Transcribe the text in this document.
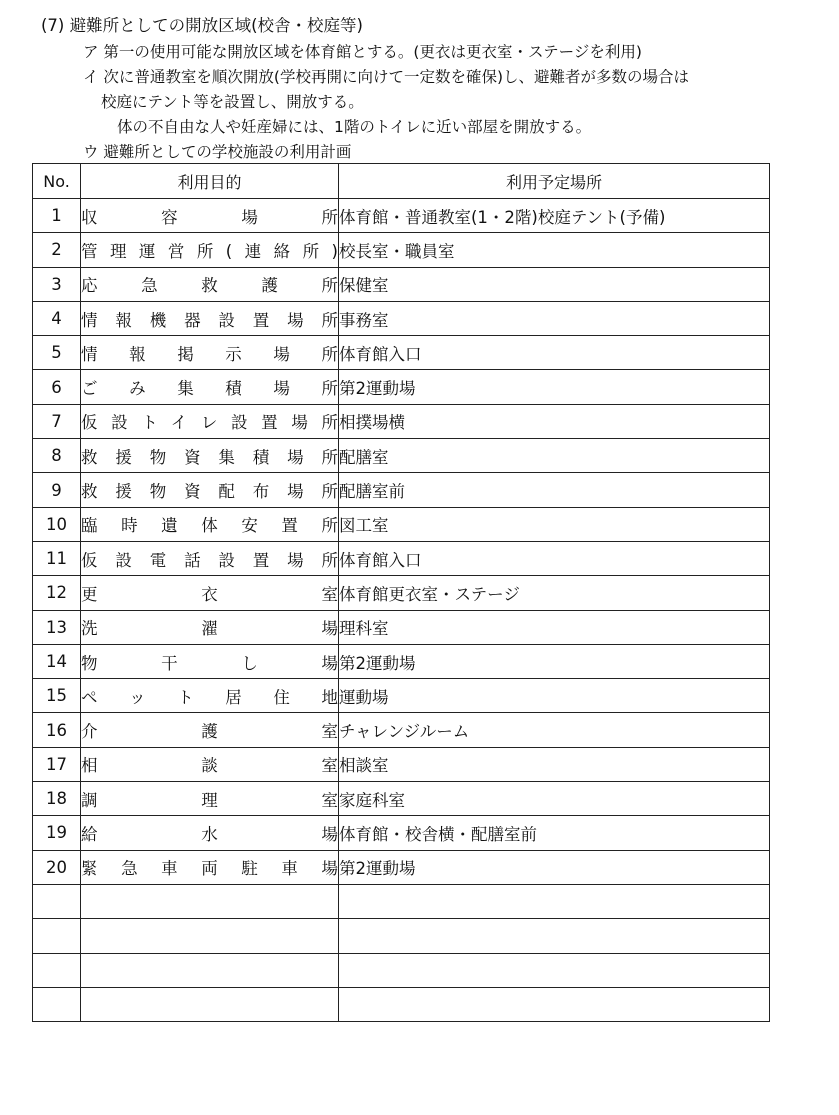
(7) 避難所としての開放区域(校舎・校庭等)
ア 第一の使用可能な開放区域を体育館とする。(更衣は更衣室・ステージを利用)
イ 次に普通教室を順次開放(学校再開に向けて一定数を確保)し、避難者が多数の場合は
校庭にテント等を設置し、開放する。
体の不自由な人や妊産婦には、1階のトイレに近い部屋を開放する。
ウ 避難所としての学校施設の利用計画
No.	利用目的	利用予定場所
1	収容場所	体育館・普通教室(1・2階)校庭テント(予備)
2	管理運営所(連絡所)	校長室・職員室
3	応急救護所	保健室
4	情報機器設置場所	事務室
5	情報掲示場所	体育館入口
6	ごみ集積場所	第2運動場
7	仮設トイレ設置場所	相撲場横
8	救援物資集積場所	配膳室
9	救援物資配布場所	配膳室前
10	臨時遺体安置所	図工室
11	仮設電話設置場所	体育館入口
12	更衣室	体育館更衣室・ステージ
13	洗濯場	理科室
14	物干し場	第2運動場
15	ペット居住地	運動場
16	介護室	チャレンジルーム
17	相談室	相談室
18	調理室	家庭科室
19	給水場	体育館・校舎横・配膳室前
20	緊急車両駐車場	第2運動場
